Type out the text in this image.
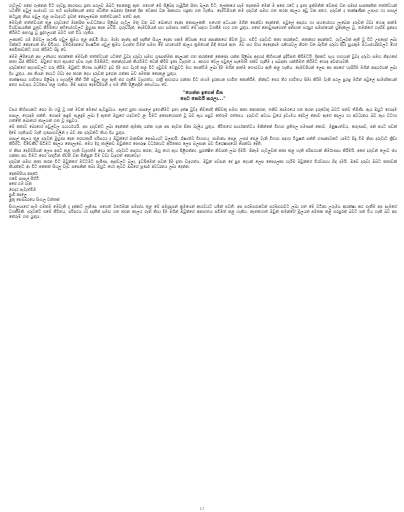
ගැටලුව එසේ ගැනෙන විට පැවසූ කාරණය ඉතා සරලව ඔබට පෙනෙනු ඇත. එහෙත් මේ පිළිබඳ ගැඹුරින් සිතා බලන විට, ලෝකයේ සෑම තැනකම මෙන් ම අපේ රටේ ද ඉතා ඉක්මනින් වෙනස් වන සමාජ සංස්කෘතික තත්ත්වයන් යටතේ පවුල් සංස්ථාව හා එහි සාමාජිකයන් අතර පවතින සබඳතා දිනෙන් දින වෙනස් වන ආකාරය හඳුනා ගත හැකිය. දෙමව්පියන් තම දරුවන් සමඟ ගත කරන කාලය අඩු වන අතර, දරුවන් ද තාක්ෂණික උපාංග හා පාසල් කටයුතු නිසා පවුල තුළ සංවාදයට ඉඩක් නොලැබෙන තත්ත්වයකට පත්ව ඇත.

මෙවැනි තත්ත්වයක් තුළ දරුවාගේ මානසික සංවර්ධනය පිළිබඳ ගැටලු මතු වන බව බොහෝ දෙනා නොසලකති. එහෙත් අධ්‍යයන මගින් පෙන්වා දෙන්නේ, පවුලේ ආදරය හා සහයෝගය ලැබෙන දරුවන් වඩා හොඳ ආත්ම විශ්වාසයකින් යුතුව ජීවිතයේ අභියෝගවලට මුහුණ දෙන බවයි. ගුරුවරුන්, දෙමව්පියන් සහ සමාජය එක්ව මේ සඳහා වගකීම භාර ගත යුතුය. එසේ නොවුණහොත් අනාගත පරපුර සමාජයෙන් හුදෙකලා වූ, තමන්ගේ හැඟීම් ප්‍රකාශ කිරීමට අපහසු වූ පුද්ගලයන් බවට පත් විය හැකිය.

ලංකාවේ ගම් බිම්වල පැරණි පවුල් ක්‍රමය තුළ ආච්චි සීයා, මාමා නැන්දා ආදී ඥාතීන් සියලු දෙනා එකම නිවසක හෝ ආසන්නයේ ජීවත් වූහ. එවිට දරුවාට කතා කරන්නට, කතන්දර අසන්නට, ගැටලුවක් ඇති වූ විට උපදෙස් ලබා ගන්නට නොයෙක් අය සිටියහ. වර්තමානයේ න්‍යෂ්ටික පවුල් ක්‍රමය ව්‍යාප්ත වීමත් සමඟ මේ සහයෝගී ජාලය ක්‍රමයෙන් බිඳී ගොස් ඇත. මව සහ පියා දෙදෙනාම රැකියාවල නිරත වන බැවින් දරුවා දිවා සුරැකුම් මධ්‍යස්ථානවලට හෝ සේවිකාවන්ට භාර කිරීමට සිදු වේ.

මෙම ලිපියෙන් අප උත්සාහ කරන්නේ මෙවැනි තත්ත්වයන් යටතේ වුවද දරුවා සමඟ ගුණාත්මක කාලයක් ගත කරන්නේ කෙසේද යන්න පිළිබඳ අදහස් කිහිපයක් ඉදිරිපත් කිරීමටයි. දිනකට පැය භාගයක් වුවද දරුවා සමඟ නිදහසේ කතා බස් කිරීමට, ඔහුගේ හෝ ඇයගේ දවස ගැන විමසීමට, කතන්දරයක් කියවීමට වෙන් කිරීම ඉතා වැදගත් ය. ආහාර වේල පවුලේ සැමෝම එක්ව ගැනීම ද සබඳතා ශක්තිමත් කිරීමට හොඳ අවස්ථාවකි.

දරුවන්ගේ අදහස්වලට ගරු කිරීම, ඔවුන්ට තීරණ ගැනීමට ඉඩ දීම සහ වැරදි කළ විට දඬුවම් වෙනුවට මඟ පෙන්වීම ලබා දීම මගින් ආත්ම ගෞරවය ඇති කළ හැකිය. දෙමව්පියන් ලෙස අප අපගේ හැසිරීම මගින් ආදර්ශයක් ලබා දිය යුතුය. අප කියන දෙයට වඩා අප කරන දෙය දරුවන් ඉගෙන ගන්නා බව අමතක නොකළ යුතුය.

තාක්ෂණය භාවිතය පිළිබඳ ද පැහැදිලි නීති රීති පවුල තුළ ඇති කර ගැනීම වැදගත්ය. රාත්‍රී ආහාරය ගන්නා විට ජංගම දුරකථන භාවිත නොකිරීම, නින්දට පෙර තිර භාවිතය සීමා කිරීම වැනි සරල පුරුදු මගින් පවුලේ සාමාජිකයන් අතර සංවාදය වර්ධනය කළ හැකිය. මේ සඳහා දෙමව්පියන් ද එම නීති පිළිපැදීම අත්‍යවශ්‍ය වේ.

"හෙන්න ඉගෙන් ඕන
පෙට කෙමයි කරලා..."

වසර කිහිපයකට පෙර මා හමු වූ එක් මවක් මෙසේ පැවසුවාය. ඇගේ පුතා පාසලේ ඉගෙනීමට ඉතා දක්ෂ වුවද නිවසේදී කිසිවකු සමඟ කතා නොකරන, තනිව කාමරයේ ගත කරන දරුවෙකු බවට පත්ව තිබිණි. ඇය ඔහුට හොඳම පාසල, හොඳම පන්ති, හොඳම ඇඳුම් පැළඳුම් ලබා දී ඇතත් ඔහුගේ හදවතට ළං වීමට අපොහොසත් වූ බව ඇය පසුව තේරුම් ගත්තාය. දරුවාට අවශ්‍ය වූයේ ද්‍රව්‍යමය දේවල් නොව ඇගේ කාලය හා අවධානය බව ඇය වටහා ගත්තේ බොහෝ කාලයක් ගත වූ පසුවය.

මේ කතාව බොහෝ පවුල්වල යථාර්ථයයි. අප දරුවන්ට ලබා දෙන්නේ කුමක්ද යන්න ගැන අප නැවත සිතා බැලිය යුතුය. ජීවිතයේ සාර්ථකත්වය මනින්නේ විභාග ප්‍රතිඵල පමණක් නොව, මනුෂ්‍යත්වය, කරුණාව, අන් අයට සවන් දීමේ හැකියාව වැනි ගුණාංගවලින් ද බව අප දරුවන්ට කියා දිය යුතුය.

පාසල් කාලය තුළ දරුවන් මුහුණ දෙන තරඟකාරී පරිසරය ද ඔවුන්ගේ මානසික සෞඛ්‍යයට බලපායි. ශිෂ්‍යත්ව විභාගය, සාමාන්‍ය පෙළ, උසස් පෙළ වැනි විභාග සඳහා ටියුෂන් පන්ති ගණනාවකට යාමට සිදු වීම නිසා දරුවාට ක්‍රීඩා කිරීමට, විවේකීව සිටීමට කාලය නොලැබේ. මෙය දිගු කාලීනව ඔවුන්ගේ පෞරුෂ වර්ධනයට අහිතකර ලෙස බලපාන බව විශේෂඥයෝ පෙන්වා දෙති.

ඒ නිසා දෙමව්පියන් ලෙස අපට කළ හැකි වැදගත්ම දෙය නම්, දරුවාට ආදරය කරන, ඔහු හෝ ඇය පිළිගන්නා, සුරක්ෂිත නිවසක් ලබා දීමයි. ඕනෑම ගැටලුවක් කතා කළ හැකි පරිසරයක් නිර්මාණය කිරීමයි. අපේ දරුවන් ලොව ජය ගන්නා අය වීමට පෙර සතුටින් ජීවත් වන මිනිසුන් වීම වඩා වැදගත් නොවේද?

දරුවන් සමඟ කතා කරන විට ඔවුන්ගේ මට්ටමට පැමිණ, ඇස්වලට බලා, ඉවසීමෙන් සවන් දීම ඉතා වැදගත්ය. ඔවුන් පවසන දේ සුළු දෙයක් ලෙස නොසලකා හැරීම ඔවුන්ගේ විශ්වාසය බිඳ දමයි. ඔබේ දරුවා ඔබට කතාවක් කියන්නට ආ විට අනෙක් සියලු වැඩ පසෙකින් තබා ඔහුට හෝ ඇයට ඔබගේ පූර්ණ අවධානය ලබා දෙන්න.

දෙකම්පියා ආදරේ
ගමේ පාසැල් පිහිටි
අපේ ගම ගැන
ගෙදර පැවැත්වීම
පුංචි කාලෙ
මුතු පෙම්බරයෙ සිංහල වත්තක්

සිංහලයාගේ සෑම ගමකම මෙවැනි දෑ දක්නට ලැබිණ. එහෙත් වර්තමාන සමාජය තුළ මේ සම්ප්‍රදායන් ක්‍රමයෙන් අභාවයට යමින් පවතී. අප පරම්පරාවෙන් පරම්පරාවට ලබා ගත් මේ වටිනා උරුමය ආරක්ෂා කර ගැනීම අප සැමගේ වගකීමකි. දරුවන්ට ගමේ ජීවිතය, පරිසරය හා ඥාතීන් සමඟ ගත කරන කාලය ගැන කියා දීම මගින් ඔවුන්ගේ අනාගතය සවිමත් කළ හැකිය. නැතහොත් ඔවුන් තමන්ගේ මූලයන් අමතක කළ පරපුරක් බවට පත් විය හැකි බව අප තේරුම් ගත යුතුය.

17
